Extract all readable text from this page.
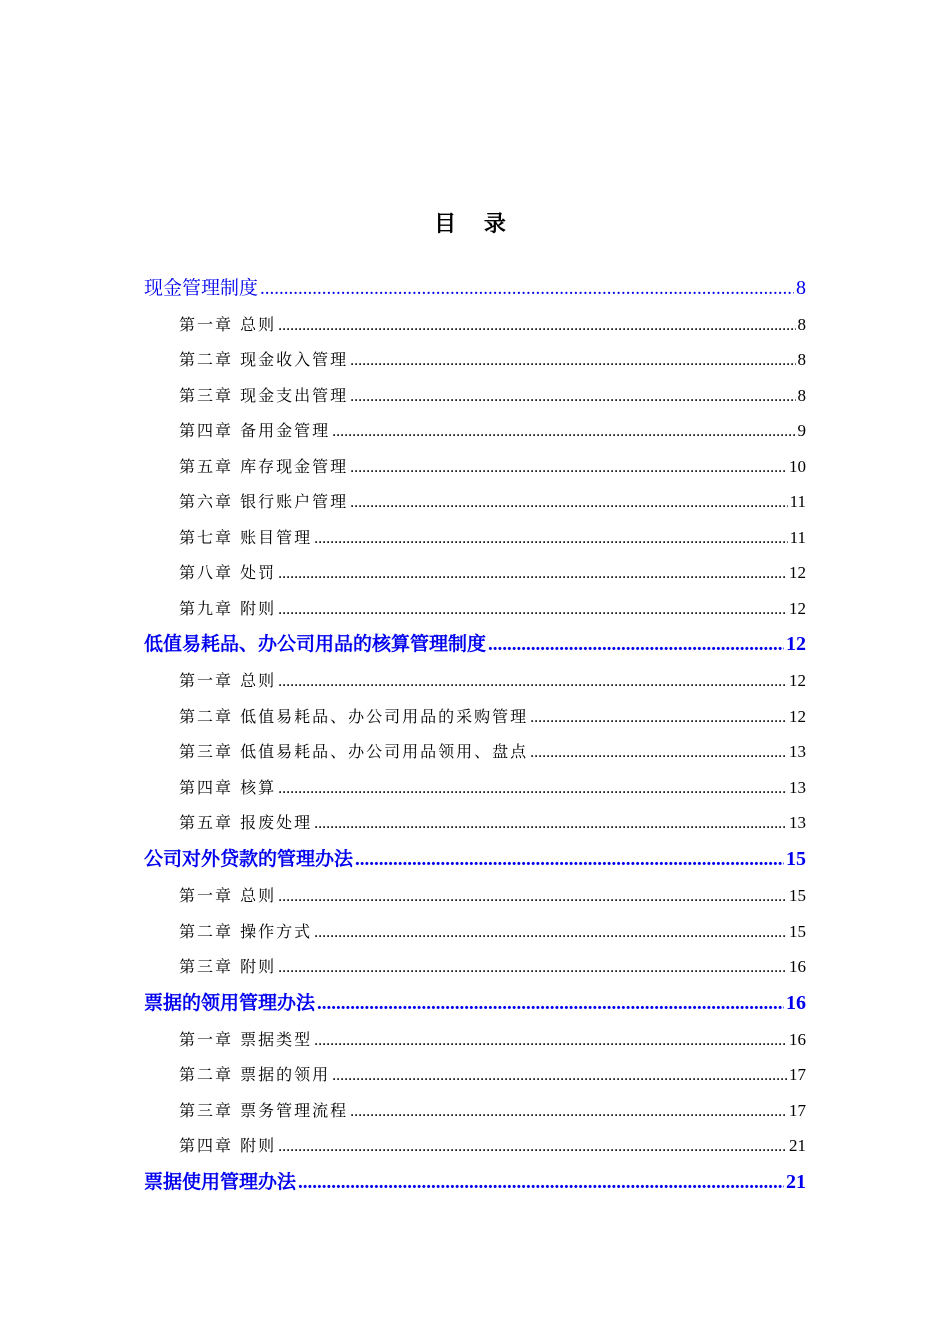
目 录
现金管理制度 .....	8
第一章 总则 .....	8
第二章 现金收入管理 .....	8
第三章 现金支出管理 .....	8
第四章 备用金管理 .....	9
第五章 库存现金管理 .....	10
第六章 银行账户管理 .....	11
第七章 账目管理 .....	11
第八章 处罚 .....	12
第九章 附则 .....	12
低值易耗品、办公司用品的核算管理制度 .....	12
第一章 总则 .....	12
第二章 低值易耗品、办公司用品的采购管理 .....	12
第三章 低值易耗品、办公司用品领用、盘点 .....	13
第四章 核算 .....	13
第五章 报废处理 .....	13
公司对外贷款的管理办法 .....	15
第一章 总则 .....	15
第二章 操作方式 .....	15
第三章 附则 .....	16
票据的领用管理办法 .....	16
第一章 票据类型 .....	16
第二章 票据的领用 .....	17
第三章 票务管理流程 .....	17
第四章 附则 .....	21
票据使用管理办法 .....	21
